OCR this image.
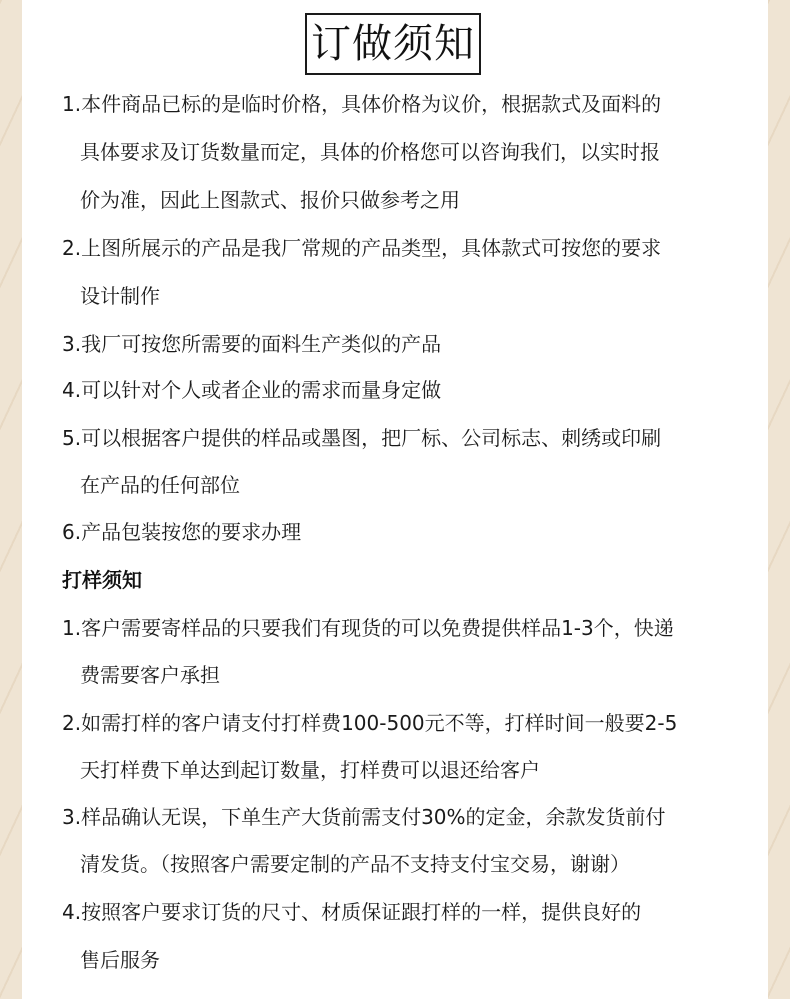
订做须知
1.本件商品已标的是临时价格，具体价格为议价，根据款式及面料的
具体要求及订货数量而定，具体的价格您可以咨询我们，以实时报
价为准，因此上图款式、报价只做参考之用
2.上图所展示的产品是我厂常规的产品类型，具体款式可按您的要求
设计制作
3.我厂可按您所需要的面料生产类似的产品
4.可以针对个人或者企业的需求而量身定做
5.可以根据客户提供的样品或墨图，把厂标、公司标志、刺绣或印刷
在产品的任何部位
6.产品包装按您的要求办理
打样须知
1.客户需要寄样品的只要我们有现货的可以免费提供样品1-3个，快递
费需要客户承担
2.如需打样的客户请支付打样费100-500元不等，打样时间一般要2-5
天打样费下单达到起订数量，打样费可以退还给客户
3.样品确认无误，下单生产大货前需支付30%的定金，余款发货前付
清发货。（按照客户需要定制的产品不支持支付宝交易，谢谢）
4.按照客户要求订货的尺寸、材质保证跟打样的一样，提供良好的
售后服务
